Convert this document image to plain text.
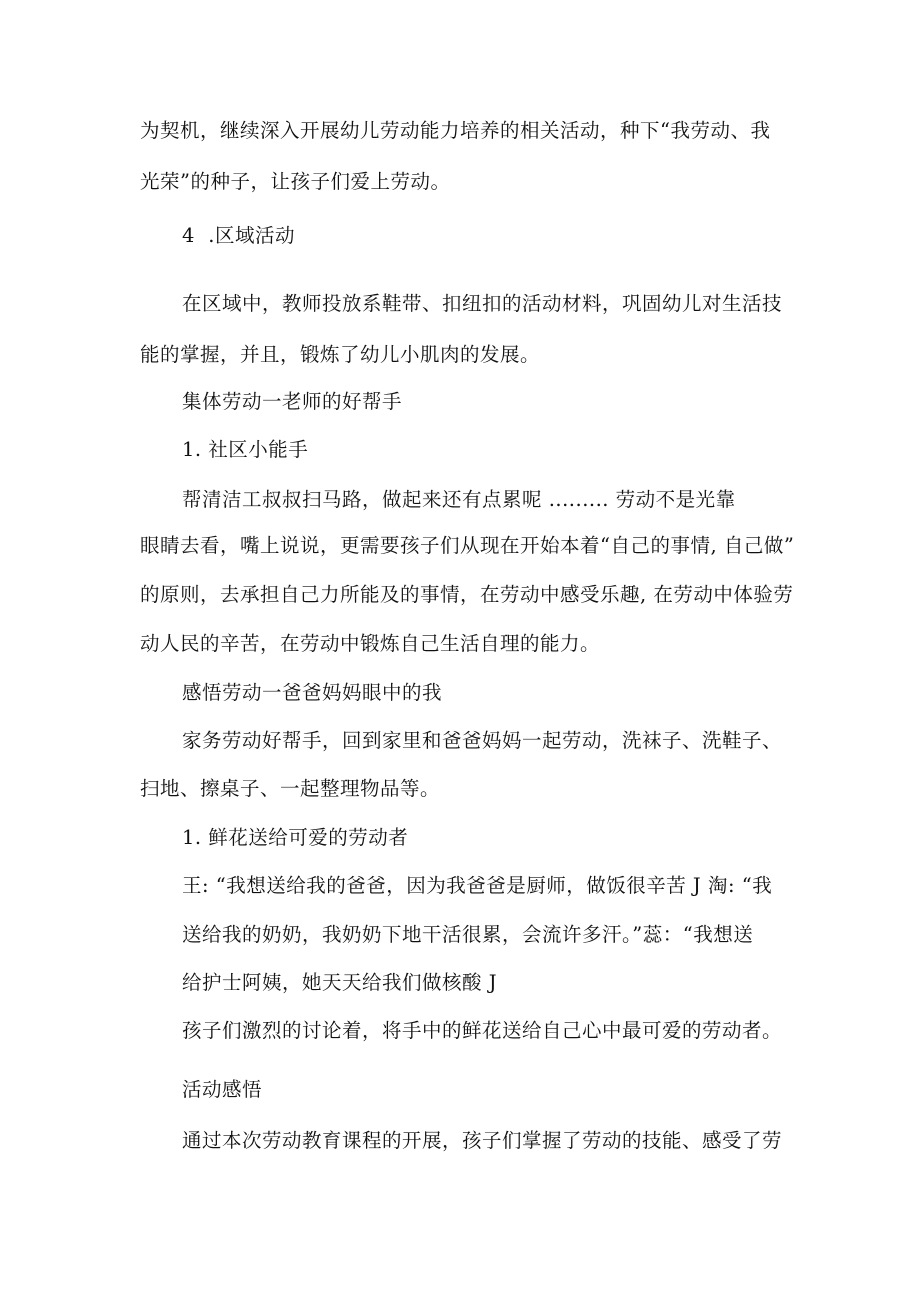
为契机，继续深入开展幼儿劳动能力培养的相关活动，种下“我劳动、我
光荣”的种子，让孩子们爱上劳动。
4  .区域活动
在区域中，教师投放系鞋带、扣纽扣的活动材料，巩固幼儿对生活技
能的掌握，并且，锻炼了幼儿小肌肉的发展。
集体劳动一老师的好帮手
1. 社区小能手
帮清洁工叔叔扫马路，做起来还有点累呢 ......... 劳动不是光靠
眼睛去看，嘴上说说，更需要孩子们从现在开始本着“自己的事情, 自己做”
的原则，去承担自己力所能及的事情，在劳动中感受乐趣, 在劳动中体验劳
动人民的辛苦，在劳动中锻炼自己生活自理的能力。
感悟劳动一爸爸妈妈眼中的我
家务劳动好帮手，回到家里和爸爸妈妈一起劳动，洗袜子、洗鞋子、
扫地、擦桌子、一起整理物品等。
1. 鲜花送给可爱的劳动者
王: “我想送给我的爸爸，因为我爸爸是厨师，做饭很辛苦 J 淘: “我
送给我的奶奶，我奶奶下地干活很累，会流许多汗。”蕊：“我想送
给护士阿姨，她天天给我们做核酸 J
孩子们激烈的讨论着，将手中的鲜花送给自己心中最可爱的劳动者。
活动感悟
通过本次劳动教育课程的开展，孩子们掌握了劳动的技能、感受了劳
